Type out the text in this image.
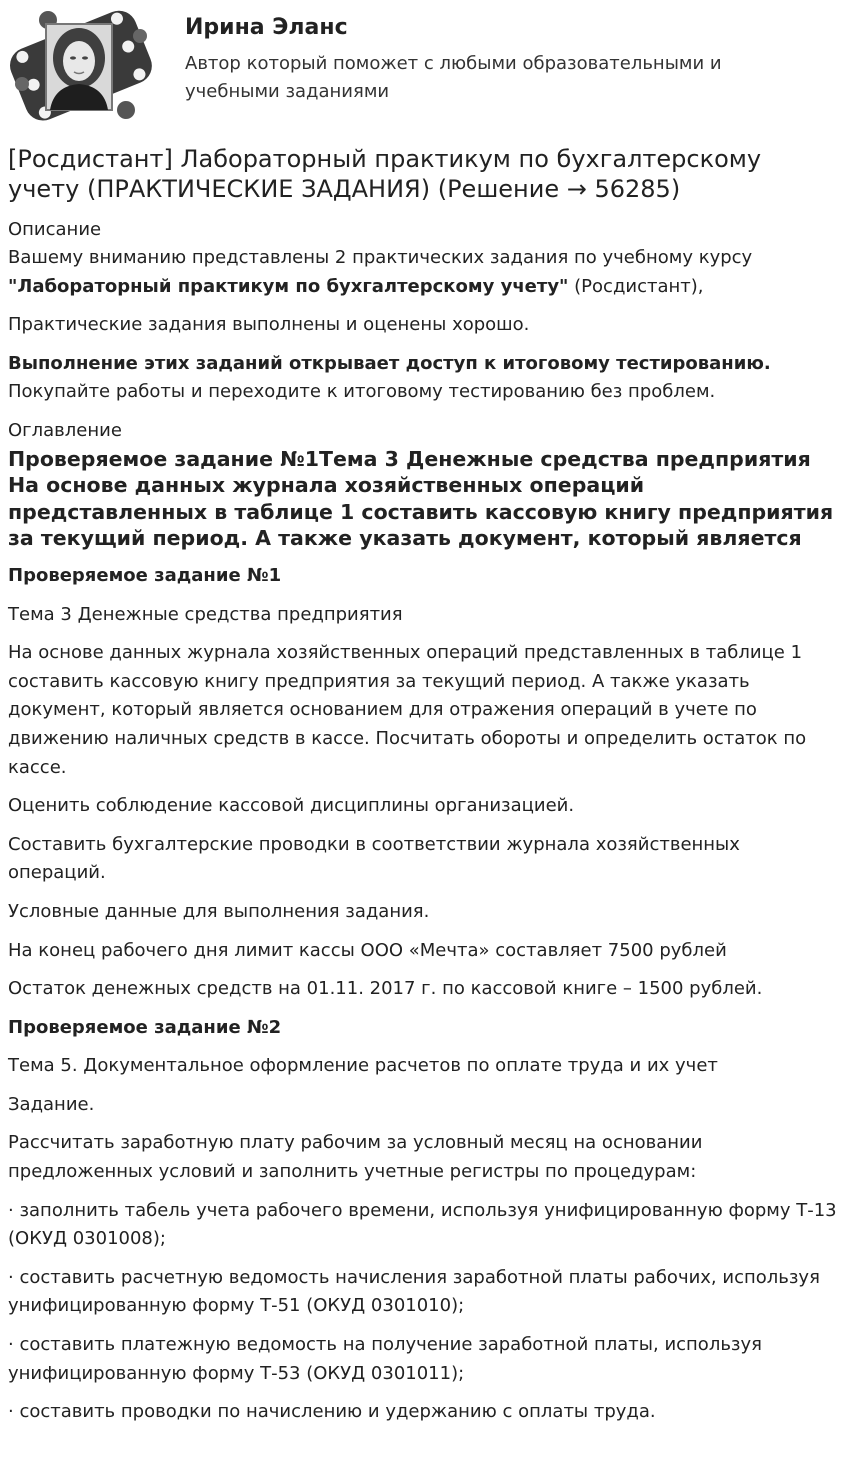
Ирина Эланс
Автор который поможет с любыми образовательными и учебными заданиями
[Росдистант] Лабораторный практикум по бухгалтерскому учету (ПРАКТИЧЕСКИЕ ЗАДАНИЯ) (Решение → 56285)
Описание

Вашему вниманию представлены 2 практических задания по учебному курсу
"Лабораторный практикум по бухгалтерскому учету" (Росдистант),

Практические задания выполнены и оценены хорошо.

Выполнение этих заданий открывает доступ к итоговому тестированию.
Покупайте работы и переходите к итоговому тестированию без проблем.

Оглавление
Проверяемое задание №1Тема 3 Денежные средства предприятия На основе данных журнала хозяйственных операций представленных в таблице 1 составить кассовую книгу предприятия за текущий период. А также указать документ, который является

Проверяемое задание №1

Тема 3 Денежные средства предприятия

На основе данных журнала хозяйственных операций представленных в таблице 1 составить кассовую книгу предприятия за текущий период. А также указать документ, который является основанием для отражения операций в учете по движению наличных средств в кассе. Посчитать обороты и определить остаток по кассе.

Оценить соблюдение кассовой дисциплины организацией.

Составить бухгалтерские проводки в соответствии журнала хозяйственных операций.

Условные данные для выполнения задания.

На конец рабочего дня лимит кассы ООО «Мечта» составляет 7500 рублей

Остаток денежных средств на 01.11. 2017 г. по кассовой книге – 1500 рублей.

Проверяемое задание №2

Тема 5. Документальное оформление расчетов по оплате труда и их учет

Задание.

Рассчитать заработную плату рабочим за условный месяц на основании предложенных условий и заполнить учетные регистры по процедурам:

· заполнить табель учета рабочего времени, используя унифицированную форму Т-13 (ОКУД 0301008);

· составить расчетную ведомость начисления заработной платы рабочих, используя унифицированную форму Т-51 (ОКУД 0301010);

· составить платежную ведомость на получение заработной платы, используя унифицированную форму Т-53 (ОКУД 0301011);

· составить проводки по начислению и удержанию с оплаты труда.
